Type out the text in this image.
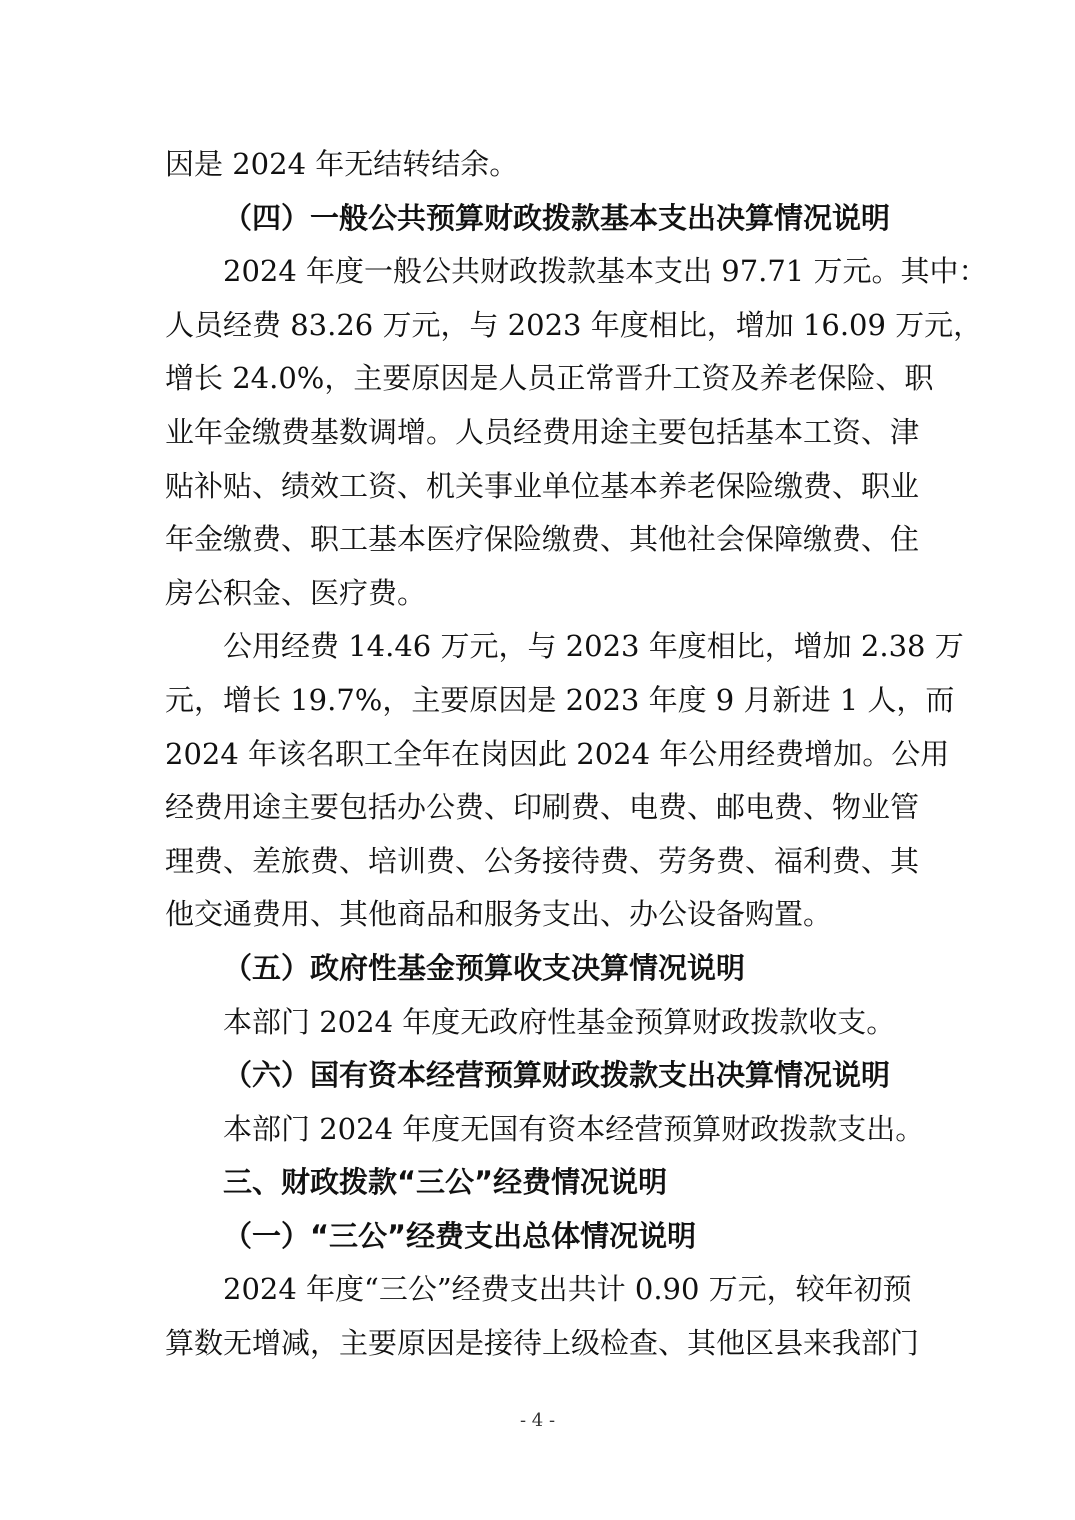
因是 2024 年无结转结余。
（四）一般公共预算财政拨款基本支出决算情况说明
2024 年度一般公共财政拨款基本支出 97.71 万元。其中：
人员经费 83.26 万元，与 2023 年度相比，增加 16.09 万元，
增长 24.0%，主要原因是人员正常晋升工资及养老保险、职
业年金缴费基数调增。人员经费用途主要包括基本工资、津
贴补贴、绩效工资、机关事业单位基本养老保险缴费、职业
年金缴费、职工基本医疗保险缴费、其他社会保障缴费、住
房公积金、医疗费。
公用经费 14.46 万元，与 2023 年度相比，增加 2.38 万
元，增长 19.7%，主要原因是 2023 年度 9 月新进 1 人，而
2024 年该名职工全年在岗因此 2024 年公用经费增加。公用
经费用途主要包括办公费、印刷费、电费、邮电费、物业管
理费、差旅费、培训费、公务接待费、劳务费、福利费、其
他交通费用、其他商品和服务支出、办公设备购置。
（五）政府性基金预算收支决算情况说明
本部门 2024 年度无政府性基金预算财政拨款收支。
（六）国有资本经营预算财政拨款支出决算情况说明
本部门 2024 年度无国有资本经营预算财政拨款支出。
三、财政拨款“三公”经费情况说明
（一）“三公”经费支出总体情况说明
2024 年度“三公”经费支出共计 0.90 万元，较年初预
算数无增减，主要原因是接待上级检查、其他区县来我部门
- 4 -
